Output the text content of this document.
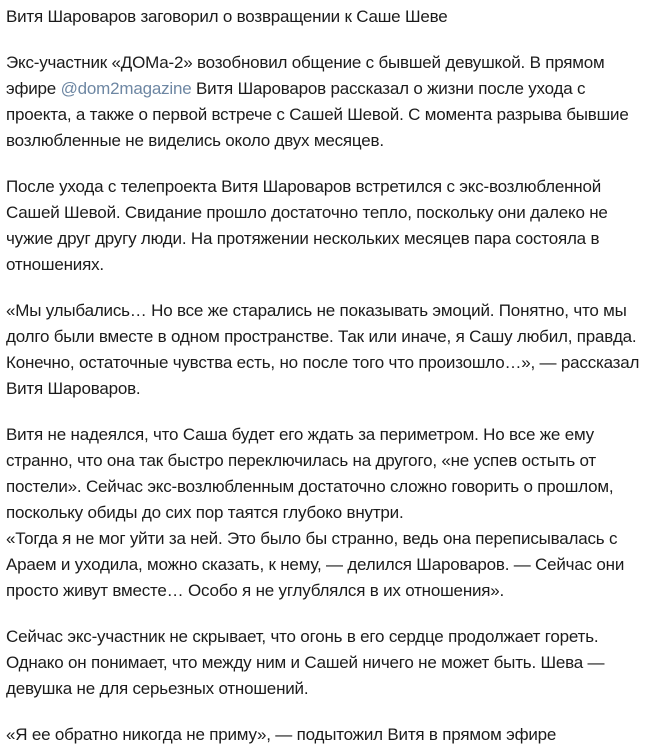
Витя Шароваров заговорил о возвращении к Саше Шеве

Экс-участник «ДОМа-2» возобновил общение с бывшей девушкой. В прямом эфире @dom2magazine Витя Шароваров рассказал о жизни после ухода с проекта, а также о первой встрече с Сашей Шевой. С момента разрыва бывшие возлюбленные не виделись около двух месяцев.

После ухода с телепроекта Витя Шароваров встретился с экс-возлюбленной Сашей Шевой. Свидание прошло достаточно тепло, поскольку они далеко не чужие друг другу люди. На протяжении нескольких месяцев пара состояла в отношениях.

«Мы улыбались… Но все же старались не показывать эмоций. Понятно, что мы долго были вместе в одном пространстве. Так или иначе, я Сашу любил, правда. Конечно, остаточные чувства есть, но после того что произошло…», — рассказал Витя Шароваров.

Витя не надеялся, что Саша будет его ждать за периметром. Но все же ему странно, что она так быстро переключилась на другого, «не успев остыть от постели». Сейчас экс-возлюбленным достаточно сложно говорить о прошлом, поскольку обиды до сих пор таятся глубоко внутри.

«Тогда я не мог уйти за ней. Это было бы странно, ведь она переписывалась с Араем и уходила, можно сказать, к нему, — делился Шароваров. — Сейчас они просто живут вместе… Особо я не углублялся в их отношения».

Сейчас экс-участник не скрывает, что огонь в его сердце продолжает гореть. Однако он понимает, что между ним и Сашей ничего не может быть. Шева — девушка не для серьезных отношений.

«Я ее обратно никогда не приму», — подытожил Витя в прямом эфире
